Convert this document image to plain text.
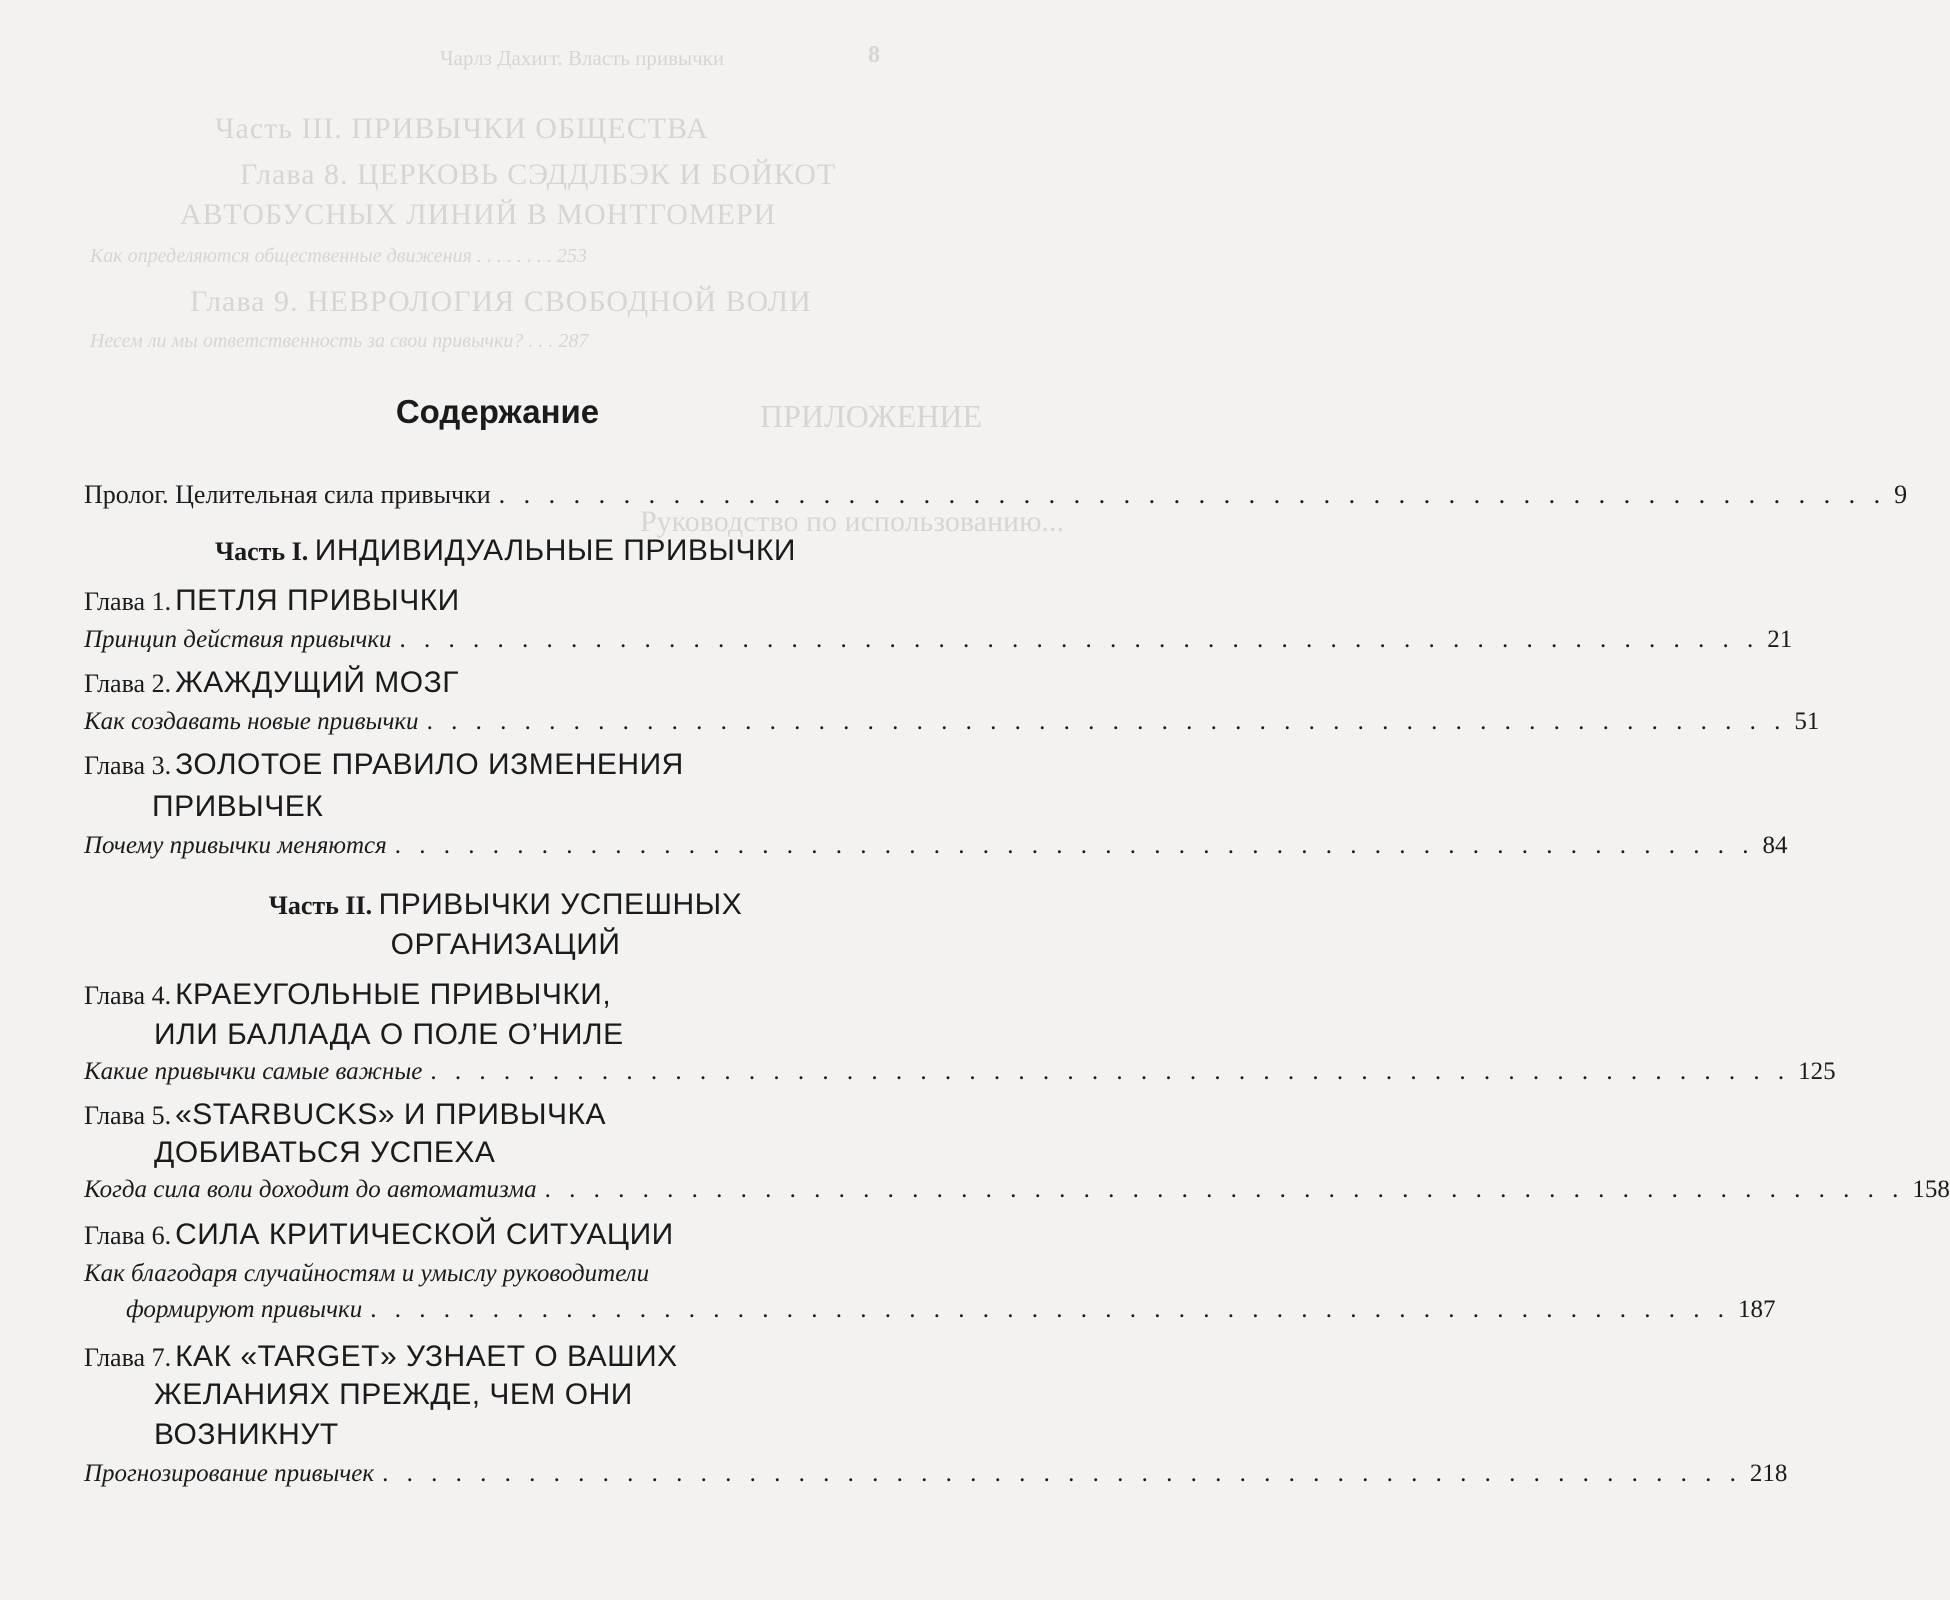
Чарлз Дахигг. Власть привычки	8
Часть III. ПРИВЫЧКИ ОБЩЕСТВА
Глава 8. ЦЕРКОВЬ СЭДДЛБЭК И БОЙКОТ
АВТОБУСНЫХ ЛИНИЙ В МОНТГОМЕРИ
Как определяются общественные движения . . . . . . . . 253
Глава 9. НЕВРОЛОГИЯ СВОБОДНОЙ ВОЛИ
Несем ли мы ответственность за свои привычки? . . . 287
ПРИЛОЖЕНИЕ
Руководство по использованию...
Содержание
Пролог. Целительная сила привычки . . . . . . . . . . . . . . . . . . . . . . . . . . . . . . . . . . . . . . . . . . . . . . . . . . . . . . . . 9
Часть I. ИНДИВИДУАЛЬНЫЕ ПРИВЫЧКИ
Глава 1. ПЕТЛЯ ПРИВЫЧКИ
Принцип действия привычки . . . . . . . . . . . . . . . . . . . . . . . . . . . . . . . . . . . . . . . . . . . . . . . . . . . . . . . . 21
Глава 2. ЖАЖДУЩИЙ МОЗГ
Как создавать новые привычки . . . . . . . . . . . . . . . . . . . . . . . . . . . . . . . . . . . . . . . . . . . . . . . . . . . . . . . . 51
Глава 3. ЗОЛОТОЕ ПРАВИЛО ИЗМЕНЕНИЯ
ПРИВЫЧЕК
Почему привычки меняются . . . . . . . . . . . . . . . . . . . . . . . . . . . . . . . . . . . . . . . . . . . . . . . . . . . . . . . . 84
Часть II. ПРИВЫЧКИ УСПЕШНЫХ
ОРГАНИЗАЦИЙ
Глава 4. КРАЕУГОЛЬНЫЕ ПРИВЫЧКИ,
ИЛИ БАЛЛАДА О ПОЛЕ О’НИЛЕ
Какие привычки самые важные . . . . . . . . . . . . . . . . . . . . . . . . . . . . . . . . . . . . . . . . . . . . . . . . . . . . . . . . 125
Глава 5. «STARBUCKS» И ПРИВЫЧКА
ДОБИВАТЬСЯ УСПЕХА
Когда сила воли доходит до автоматизма . . . . . . . . . . . . . . . . . . . . . . . . . . . . . . . . . . . . . . . . . . . . . . . . . . . . . . . . 158
Глава 6. СИЛА КРИТИЧЕСКОЙ СИТУАЦИИ
Как благодаря случайностям и умыслу руководители
формируют привычки . . . . . . . . . . . . . . . . . . . . . . . . . . . . . . . . . . . . . . . . . . . . . . . . . . . . . . . . 187
Глава 7. КАК «TARGET» УЗНАЕТ О ВАШИХ
ЖЕЛАНИЯХ ПРЕЖДЕ, ЧЕМ ОНИ
ВОЗНИКНУТ
Прогнозирование привычек . . . . . . . . . . . . . . . . . . . . . . . . . . . . . . . . . . . . . . . . . . . . . . . . . . . . . . . . 218
